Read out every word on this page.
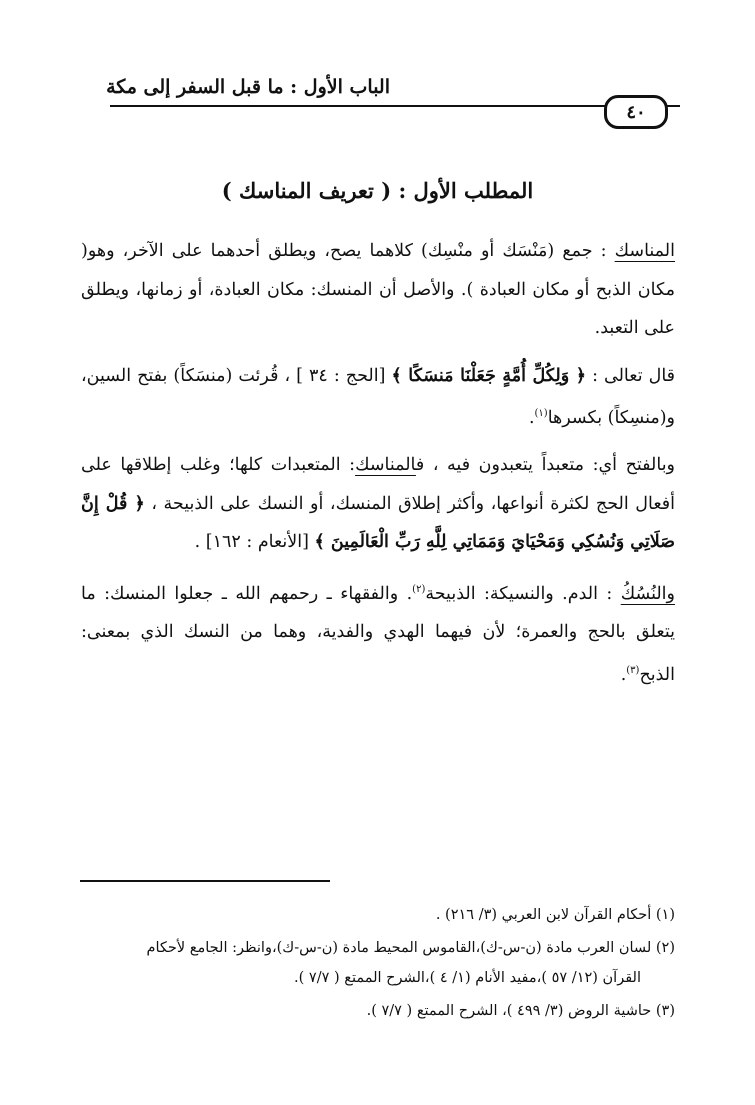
الباب الأول : ما قبل السفر إلى مكة
٤٠
المطلب الأول : ( تعريف المناسك )

المناسك : جمع (مَنْسَك أو منْسِك) كلاهما يصح، ويطلق أحدهما على الآخر، وهو( مكان الذبح أو مكان العبادة ). والأصل أن المنسك: مكان العبادة، أو زمانها، ويطلق على التعبد.

قال تعالى : ﴿ وَلِكُلِّ أُمَّةٍ جَعَلْنَا مَنسَكًا ﴾ [الحج : ٣٤ ] ، قُرئت (منسَكاً) بفتح السين، و(منسِكاً) بكسرها$^{(١)}$.

وبالفتح أي: متعبداً يتعبدون فيه ، فالمناسك: المتعبدات كلها؛ وغلب إطلاقها على أفعال الحج لكثرة أنواعها، وأكثر إطلاق المنسك، أو النسك على الذبيحة ، ﴿ قُلْ إِنَّ صَلَاتِي وَنُسُكِي وَمَحْيَايَ وَمَمَاتِي لِلَّهِ رَبِّ الْعَالَمِينَ ﴾ [الأنعام : ١٦٢] .

والنُسُكُ : الدم. والنسيكة: الذبيحة$^{(٢)}$. والفقهاء ـ رحمهم الله ـ جعلوا المنسك: ما يتعلق بالحج والعمرة؛ لأن فيهما الهدي والفدية، وهما من النسك الذي بمعنى: الذبح$^{(٣)}$.

(١) أحكام القرآن لابن العربي (٣/ ٢١٦) .

(٢) لسان العرب مادة (ن-س-ك)،القاموس المحيط مادة (ن-س-ك)،وانظر: الجامع لأحكام
القرآن (١٢/ ٥٧ )،مفيد الأنام (١/ ٤ )،الشرح الممتع ( ٧/٧ ).

(٣) حاشية الروض (٣/ ٤٩٩ )، الشرح الممتع ( ٧/٧ ).
